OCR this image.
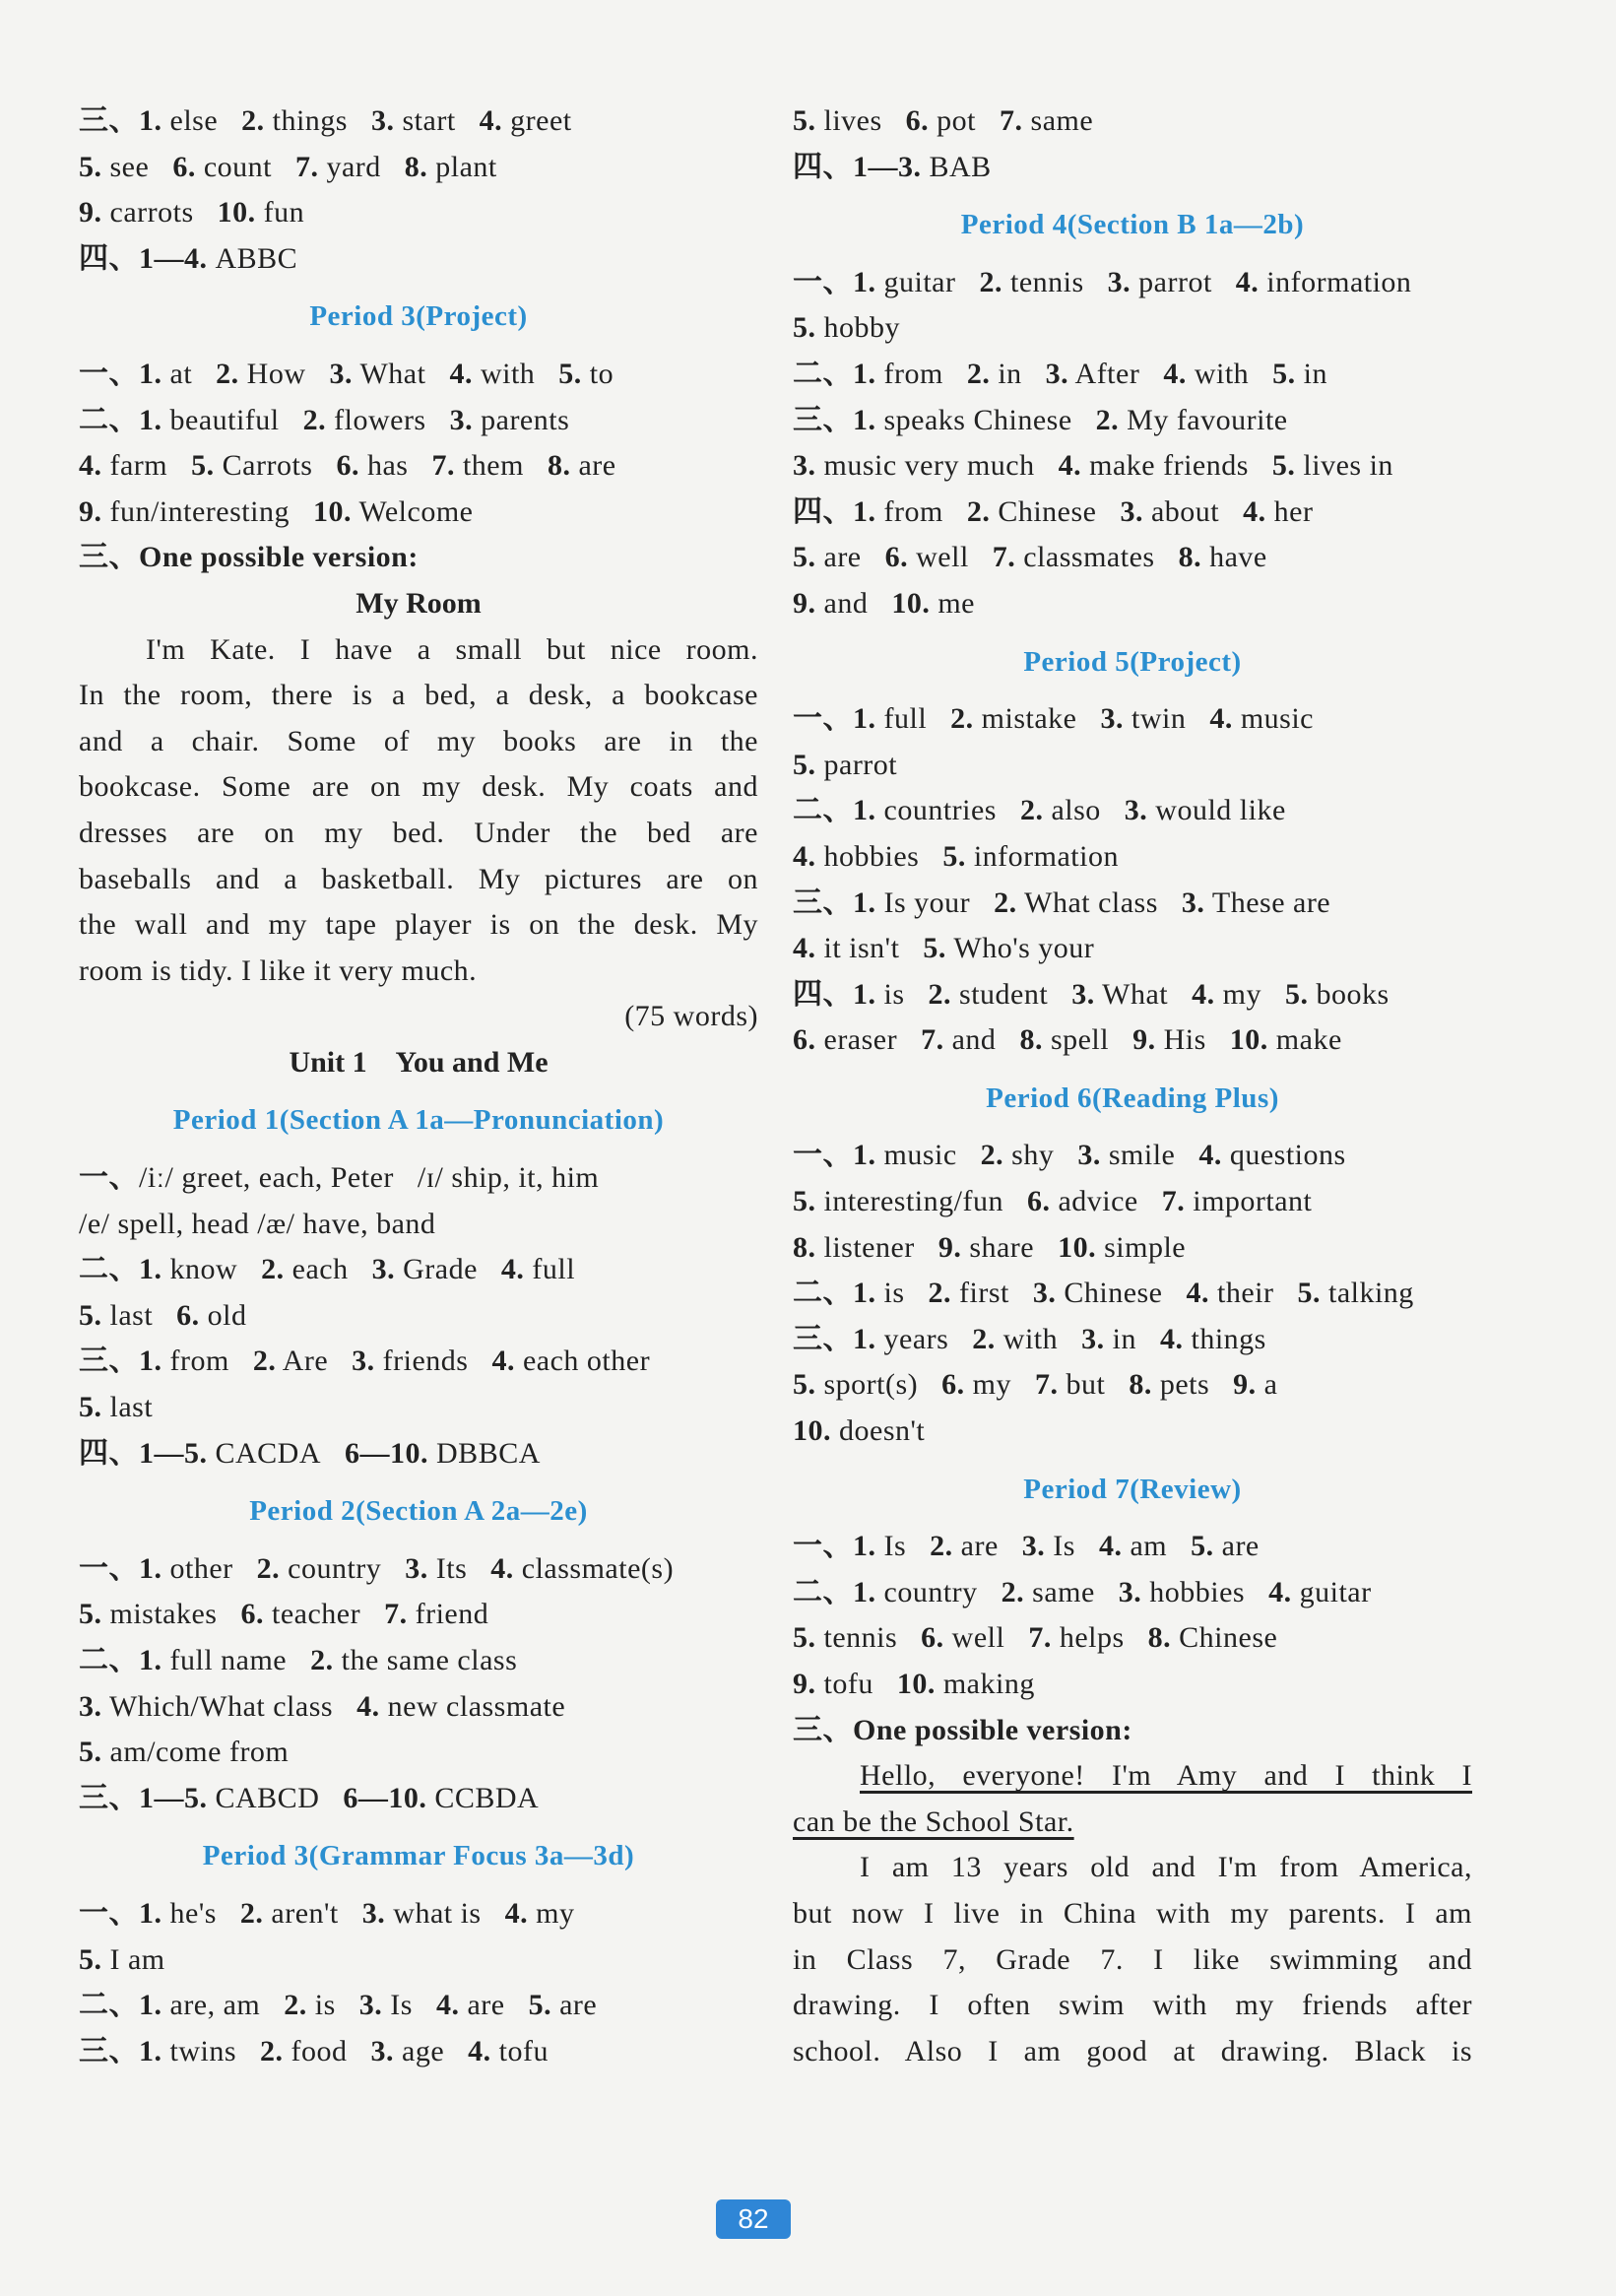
三、1. else 2. things 3. start 4. greet
5. see 6. count 7. yard 8. plant
9. carrots 10. fun
四、1—4. ABBC
Period 3(Project)
一、1. at 2. How 3. What 4. with 5. to
二、1. beautiful 2. flowers 3. parents
4. farm 5. Carrots 6. has 7. them 8. are
9. fun/interesting 10. Welcome
三、One possible version:
My Room
I'm Kate. I have a small but nice room.
In the room, there is a bed, a desk, a bookcase
and a chair. Some of my books are in the
bookcase. Some are on my desk. My coats and
dresses are on my bed. Under the bed are
baseballs and a basketball. My pictures are on
the wall and my tape player is on the desk. My
room is tidy. I like it very much.
(75 words)
Unit 1    You and Me
Period 1(Section A 1a—Pronunciation)
一、/iː/ greet, each, Peter   /ɪ/ ship, it, him
/e/ spell, head /æ/ have, band
二、1. know 2. each 3. Grade 4. full
5. last 6. old
三、1. from 2. Are 3. friends 4. each other
5. last
四、1—5. CACDA 6—10. DBBCA
Period 2(Section A 2a—2e)
一、1. other 2. country 3. Its 4. classmate(s)
5. mistakes 6. teacher 7. friend
二、1. full name 2. the same class
3. Which/What class 4. new classmate
5. am/come from
三、1—5. CABCD 6—10. CCBDA
Period 3(Grammar Focus 3a—3d)
一、1. he's 2. aren't 3. what is 4. my
5. I am
二、1. are, am 2. is 3. Is 4. are 5. are
三、1. twins 2. food 3. age 4. tofu
5. lives 6. pot 7. same
四、1—3. BAB
Period 4(Section B 1a—2b)
一、1. guitar 2. tennis 3. parrot 4. information
5. hobby
二、1. from 2. in 3. After 4. with 5. in
三、1. speaks Chinese 2. My favourite
3. music very much 4. make friends 5. lives in
四、1. from 2. Chinese 3. about 4. her
5. are 6. well 7. classmates 8. have
9. and 10. me
Period 5(Project)
一、1. full 2. mistake 3. twin 4. music
5. parrot
二、1. countries 2. also 3. would like
4. hobbies 5. information
三、1. Is your 2. What class 3. These are
4. it isn't 5. Who's your
四、1. is 2. student 3. What 4. my 5. books
6. eraser 7. and 8. spell 9. His 10. make
Period 6(Reading Plus)
一、1. music 2. shy 3. smile 4. questions
5. interesting/fun 6. advice 7. important
8. listener 9. share 10. simple
二、1. is 2. first 3. Chinese 4. their 5. talking
三、1. years 2. with 3. in 4. things
5. sport(s) 6. my 7. but 8. pets 9. a
10. doesn't
Period 7(Review)
一、1. Is 2. are 3. Is 4. am 5. are
二、1. country 2. same 3. hobbies 4. guitar
5. tennis 6. well 7. helps 8. Chinese
9. tofu 10. making
三、One possible version:
Hello, everyone! I'm Amy and I think I
can be the School Star.
I am 13 years old and I'm from America,
but now I live in China with my parents. I am
in Class 7, Grade 7. I like swimming and
drawing. I often swim with my friends after
school. Also I am good at drawing. Black is
82
